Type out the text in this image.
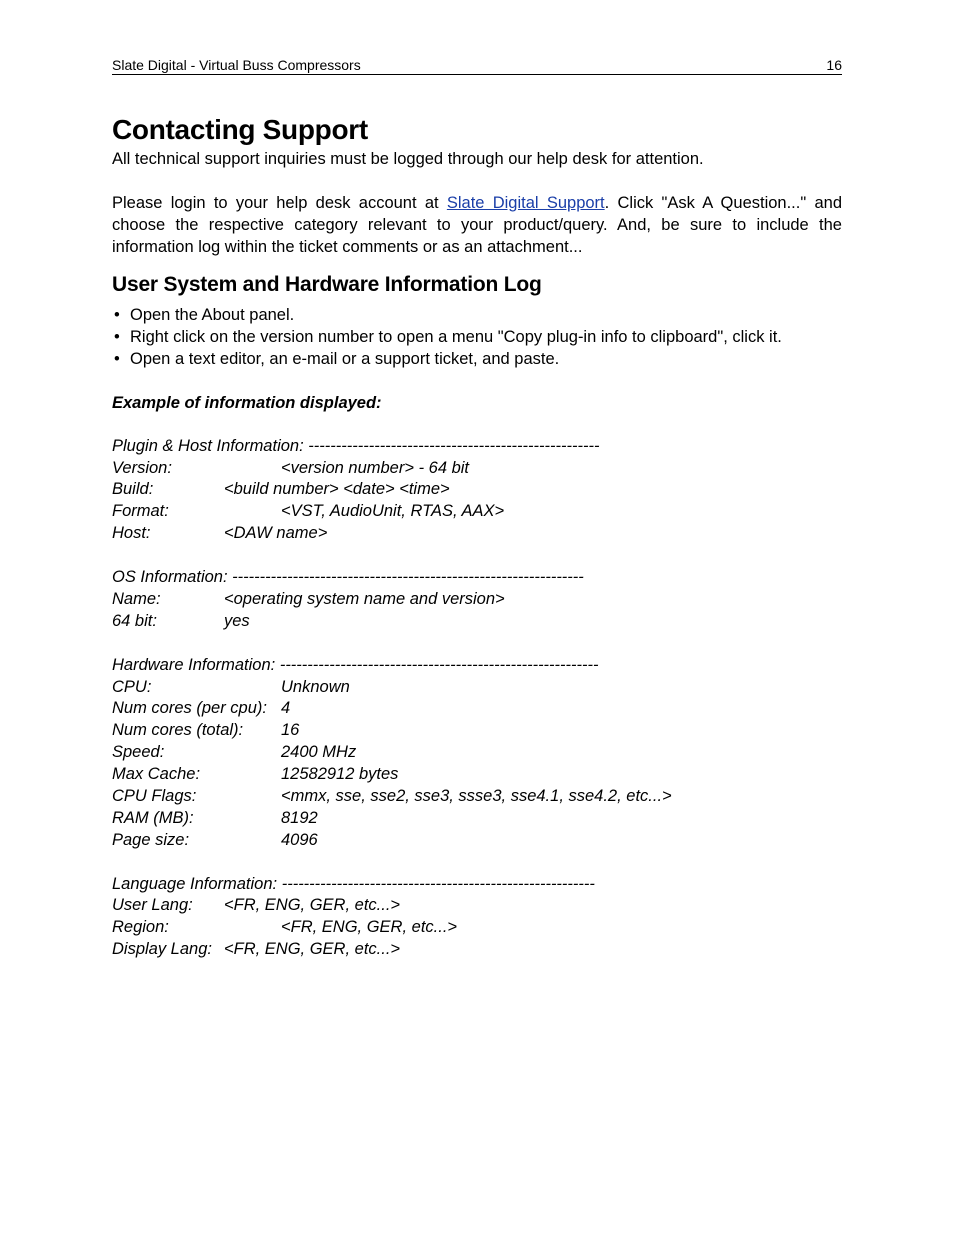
Slate Digital - Virtual Buss Compressors	16
Contacting Support

All technical support inquiries must be logged through our help desk for attention.

Please login to your help desk account at Slate Digital Support. Click "Ask A Question..." and choose the respective category relevant to your product/query. And, be sure to include the information log within the ticket comments or as an attachment...

User System and Hardware Information Log
• Open the About panel.
• Right click on the version number to open a menu "Copy plug-in info to clipboard", click it.
• Open a text editor, an e-mail or a support ticket, and paste.
Example of information displayed:
Plugin & Host Information: -----------------------------------------------------
Version:	<version number> - 64 bit
Build:	<build number> <date> <time>
Format:	<VST, AudioUnit, RTAS, AAX>
Host:	<DAW name>
OS Information: ----------------------------------------------------------------
Name:	<operating system name and version>
64 bit:	yes
Hardware Information: ----------------------------------------------------------
CPU:	Unknown
Num cores (per cpu): 4
Num cores (total): 16
Speed:	2400 MHz
Max Cache:	12582912 bytes
CPU Flags:	<mmx, sse, sse2, sse3, ssse3, sse4.1, sse4.2, etc...>
RAM (MB):	8192
Page size:	4096
Language Information: ---------------------------------------------------------
User Lang: <FR, ENG, GER, etc...>
Region:	<FR, ENG, GER, etc...>
Display Lang: <FR, ENG, GER, etc...>
